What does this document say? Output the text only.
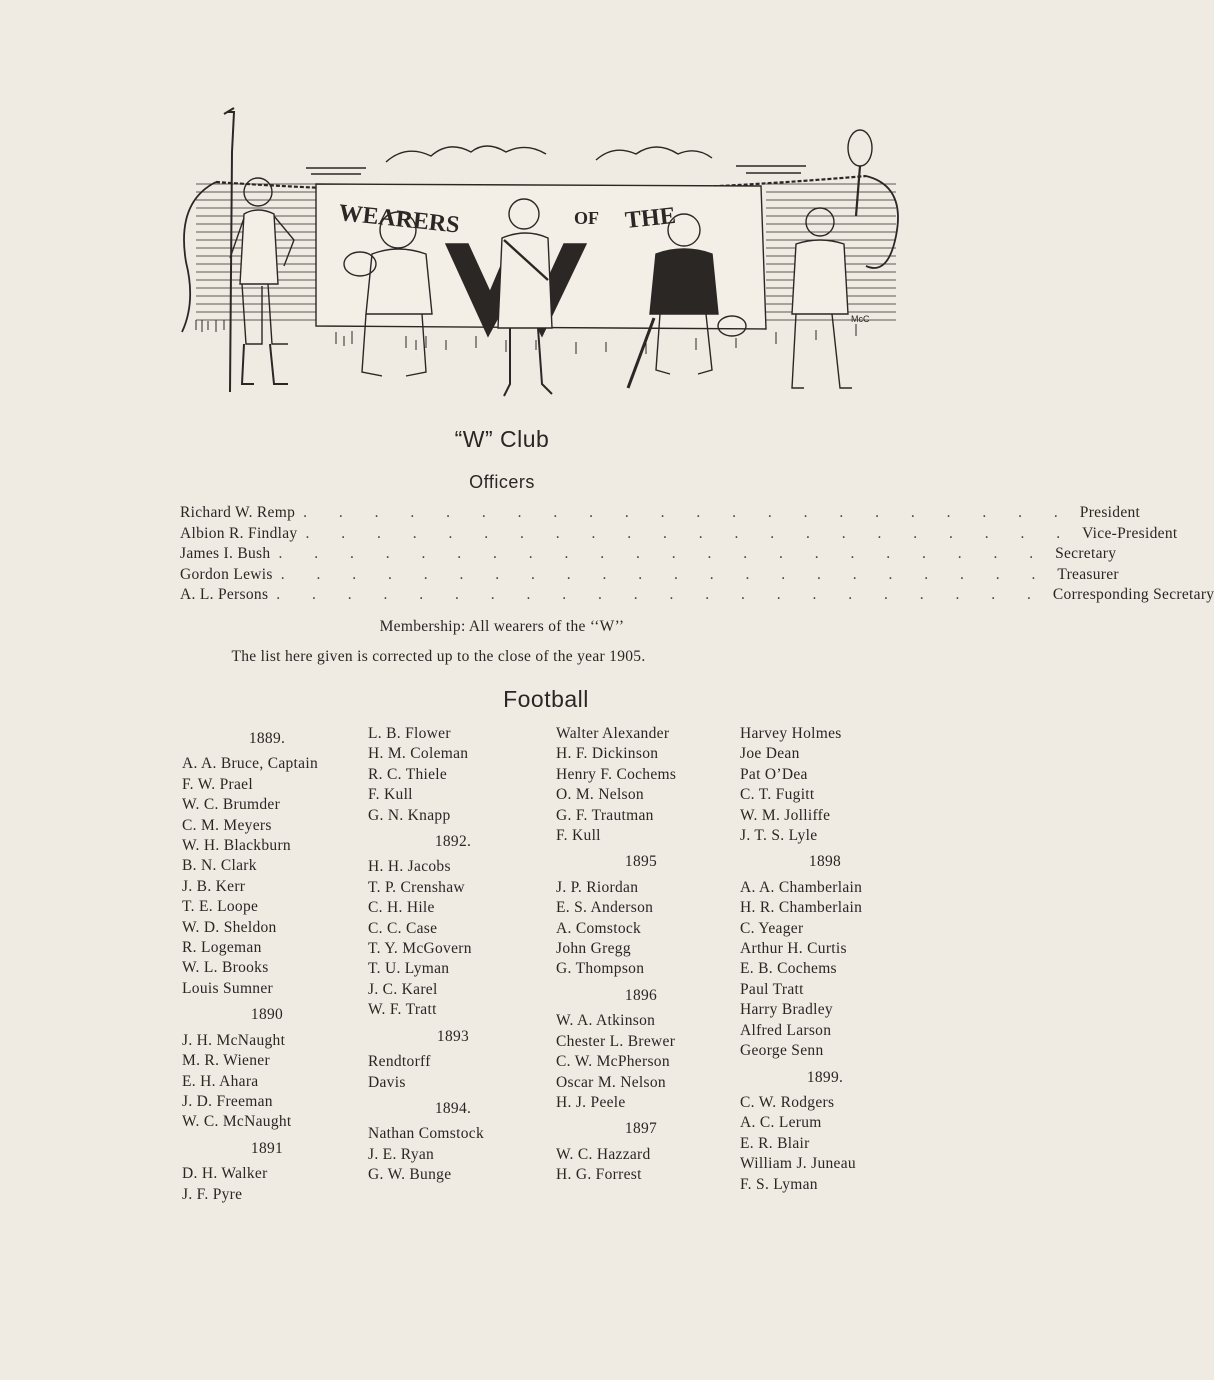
WEARERS	OF THE
McC
“W” Club
Officers
Richard W. Remp . . . . . . . . . . . . . . . . . . . . . . President
Albion R. Findlay . . . . . . . . . . . . . . . . . . . . . . Vice-President
James I. Bush . . . . . . . . . . . . . . . . . . . . . . Secretary
Gordon Lewis . . . . . . . . . . . . . . . . . . . . . . Treasurer
A. L. Persons . . . . . . . . . . . . . . . . . . . . . . Corresponding Secretary
Membership: All wearers of the ‘‘W’’
The list here given is corrected up to the close of the year 1905.
Football
1889.
A. A. Bruce, Captain
F. W. Prael
W. C. Brumder
C. M. Meyers
W. H. Blackburn
B. N. Clark
J. B. Kerr
T. E. Loope
W. D. Sheldon
R. Logeman
W. L. Brooks
Louis Sumner
1890
J. H. McNaught
M. R. Wiener
E. H. Ahara
J. D. Freeman
W. C. McNaught
1891
D. H. Walker
J. F. Pyre
L. B. Flower
H. M. Coleman
R. C. Thiele
F. Kull
G. N. Knapp
1892.
H. H. Jacobs
T. P. Crenshaw
C. H. Hile
C. C. Case
T. Y. McGovern
T. U. Lyman
J. C. Karel
W. F. Tratt
1893
Rendtorff
Davis
1894.
Nathan Comstock
J. E. Ryan
G. W. Bunge
Walter Alexander
H. F. Dickinson
Henry F. Cochems
O. M. Nelson
G. F. Trautman
F. Kull
1895
J. P. Riordan
E. S. Anderson
A. Comstock
John Gregg
G. Thompson
1896
W. A. Atkinson
Chester L. Brewer
C. W. McPherson
Oscar M. Nelson
H. J. Peele
1897
W. C. Hazzard
H. G. Forrest
Harvey Holmes
Joe Dean
Pat O’Dea
C. T. Fugitt
W. M. Jolliffe
J. T. S. Lyle
1898
A. A. Chamberlain
H. R. Chamberlain
C. Yeager
Arthur H. Curtis
E. B. Cochems
Paul Tratt
Harry Bradley
Alfred Larson
George Senn
1899.
C. W. Rodgers
A. C. Lerum
E. R. Blair
William J. Juneau
F. S. Lyman
